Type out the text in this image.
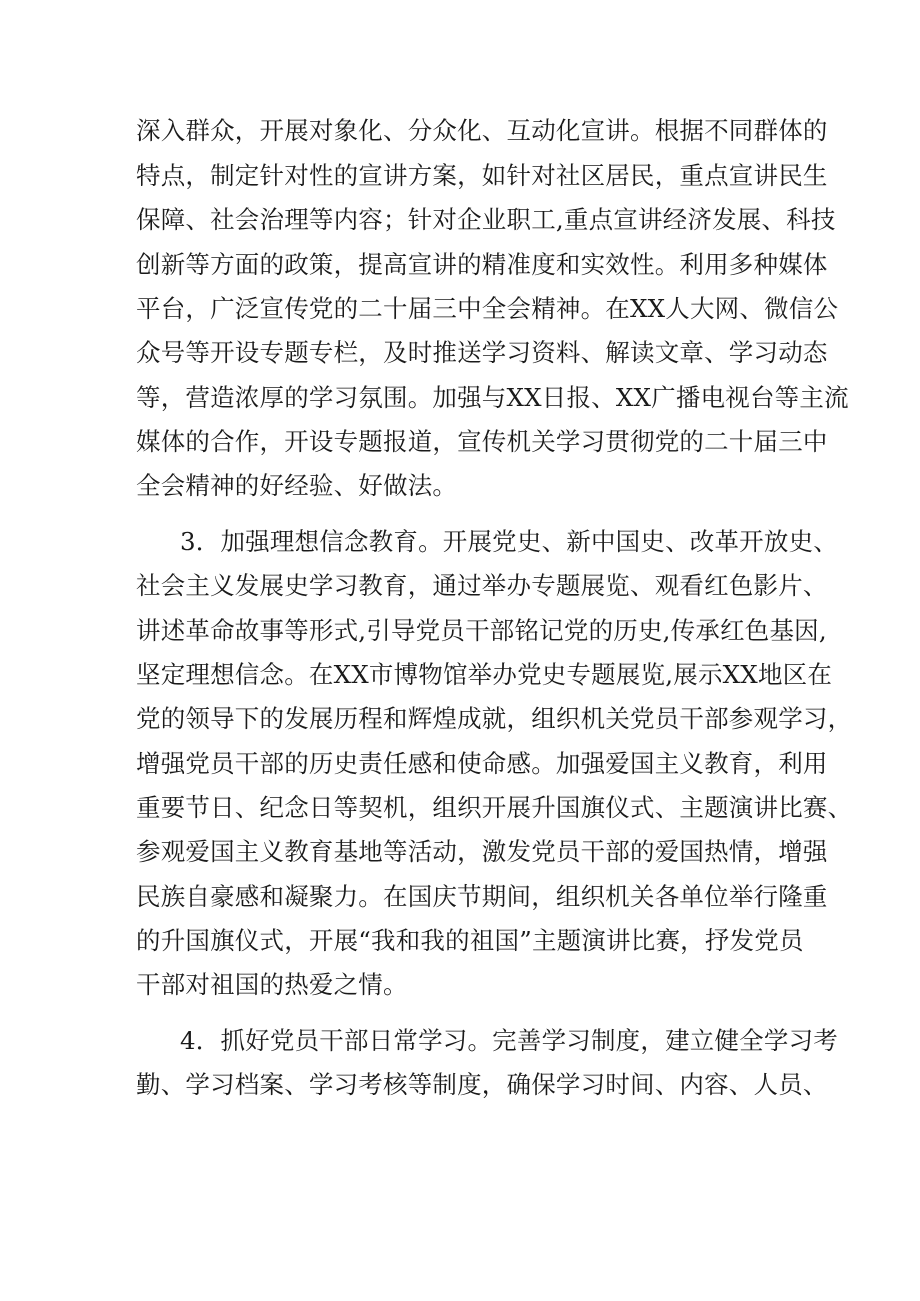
深入群众，开展对象化、分众化、互动化宣讲。根据不同群体的
特点，制定针对性的宣讲方案，如针对社区居民，重点宣讲民生
保障、社会治理等内容；针对企业职工,重点宣讲经济发展、科技
创新等方面的政策，提高宣讲的精准度和实效性。利用多种媒体
平台，广泛宣传党的二十届三中全会精神。在XX人大网、微信公
众号等开设专题专栏，及时推送学习资料、解读文章、学习动态
等，营造浓厚的学习氛围。加强与XX日报、XX广播电视台等主流
媒体的合作，开设专题报道，宣传机关学习贯彻党的二十届三中
全会精神的好经验、好做法。
3．加强理想信念教育。开展党史、新中国史、改革开放史、
社会主义发展史学习教育，通过举办专题展览、观看红色影片、
讲述革命故事等形式,引导党员干部铭记党的历史,传承红色基因,
坚定理想信念。在XX市博物馆举办党史专题展览,展示XX地区在
党的领导下的发展历程和辉煌成就，组织机关党员干部参观学习，
增强党员干部的历史责任感和使命感。加强爱国主义教育，利用
重要节日、纪念日等契机，组织开展升国旗仪式、主题演讲比赛、
参观爱国主义教育基地等活动，激发党员干部的爱国热情，增强
民族自豪感和凝聚力。在国庆节期间，组织机关各单位举行隆重
的升国旗仪式，开展“我和我的祖国”主题演讲比赛，抒发党员
干部对祖国的热爱之情。
4．抓好党员干部日常学习。完善学习制度，建立健全学习考
勤、学习档案、学习考核等制度，确保学习时间、内容、人员、
